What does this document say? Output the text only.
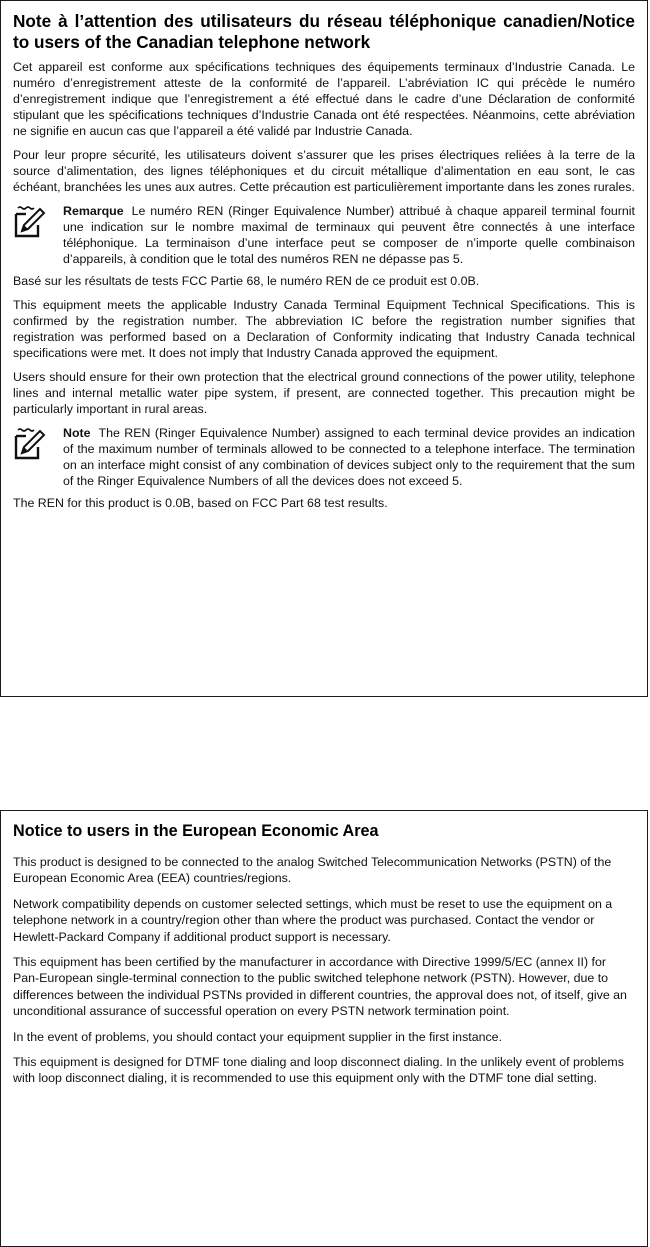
Note à l’attention des utilisateurs du réseau téléphonique canadien/Notice to users of the Canadian telephone network

Cet appareil est conforme aux spécifications techniques des équipements terminaux d’Industrie Canada. Le numéro d’enregistrement atteste de la conformité de l’appareil. L’abréviation IC qui précède le numéro d’enregistrement indique que l’enregistrement a été effectué dans le cadre d’une Déclaration de conformité stipulant que les spécifications techniques d’Industrie Canada ont été respectées. Néanmoins, cette abréviation ne signifie en aucun cas que l’appareil a été validé par Industrie Canada.

Pour leur propre sécurité, les utilisateurs doivent s’assurer que les prises électriques reliées à la terre de la source d’alimentation, des lignes téléphoniques et du circuit métallique d’alimentation en eau sont, le cas échéant, branchées les unes aux autres. Cette précaution est particulièrement importante dans les zones rurales.

Remarque Le numéro REN (Ringer Equivalence Number) attribué à chaque appareil terminal fournit une indication sur le nombre maximal de terminaux qui peuvent être connectés à une interface téléphonique. La terminaison d’une interface peut se composer de n’importe quelle combinaison d’appareils, à condition que le total des numéros REN ne dépasse pas 5.

Basé sur les résultats de tests FCC Partie 68, le numéro REN de ce produit est 0.0B.

This equipment meets the applicable Industry Canada Terminal Equipment Technical Specifications. This is confirmed by the registration number. The abbreviation IC before the registration number signifies that registration was performed based on a Declaration of Conformity indicating that Industry Canada technical specifications were met. It does not imply that Industry Canada approved the equipment.

Users should ensure for their own protection that the electrical ground connections of the power utility, telephone lines and internal metallic water pipe system, if present, are connected together. This precaution might be particularly important in rural areas.

Note The REN (Ringer Equivalence Number) assigned to each terminal device provides an indication of the maximum number of terminals allowed to be connected to a telephone interface. The termination on an interface might consist of any combination of devices subject only to the requirement that the sum of the Ringer Equivalence Numbers of all the devices does not exceed 5.

The REN for this product is 0.0B, based on FCC Part 68 test results.

Notice to users in the European Economic Area

This product is designed to be connected to the analog Switched Telecommunication Networks (PSTN) of the European Economic Area (EEA) countries/regions.

Network compatibility depends on customer selected settings, which must be reset to use the equipment on a telephone network in a country/region other than where the product was purchased. Contact the vendor or Hewlett-Packard Company if additional product support is necessary.

This equipment has been certified by the manufacturer in accordance with Directive 1999/5/EC (annex II) for Pan-European single-terminal connection to the public switched telephone network (PSTN). However, due to differences between the individual PSTNs provided in different countries, the approval does not, of itself, give an unconditional assurance of successful operation on every PSTN network termination point.

In the event of problems, you should contact your equipment supplier in the first instance.

This equipment is designed for DTMF tone dialing and loop disconnect dialing. In the unlikely event of problems with loop disconnect dialing, it is recommended to use this equipment only with the DTMF tone dial setting.
